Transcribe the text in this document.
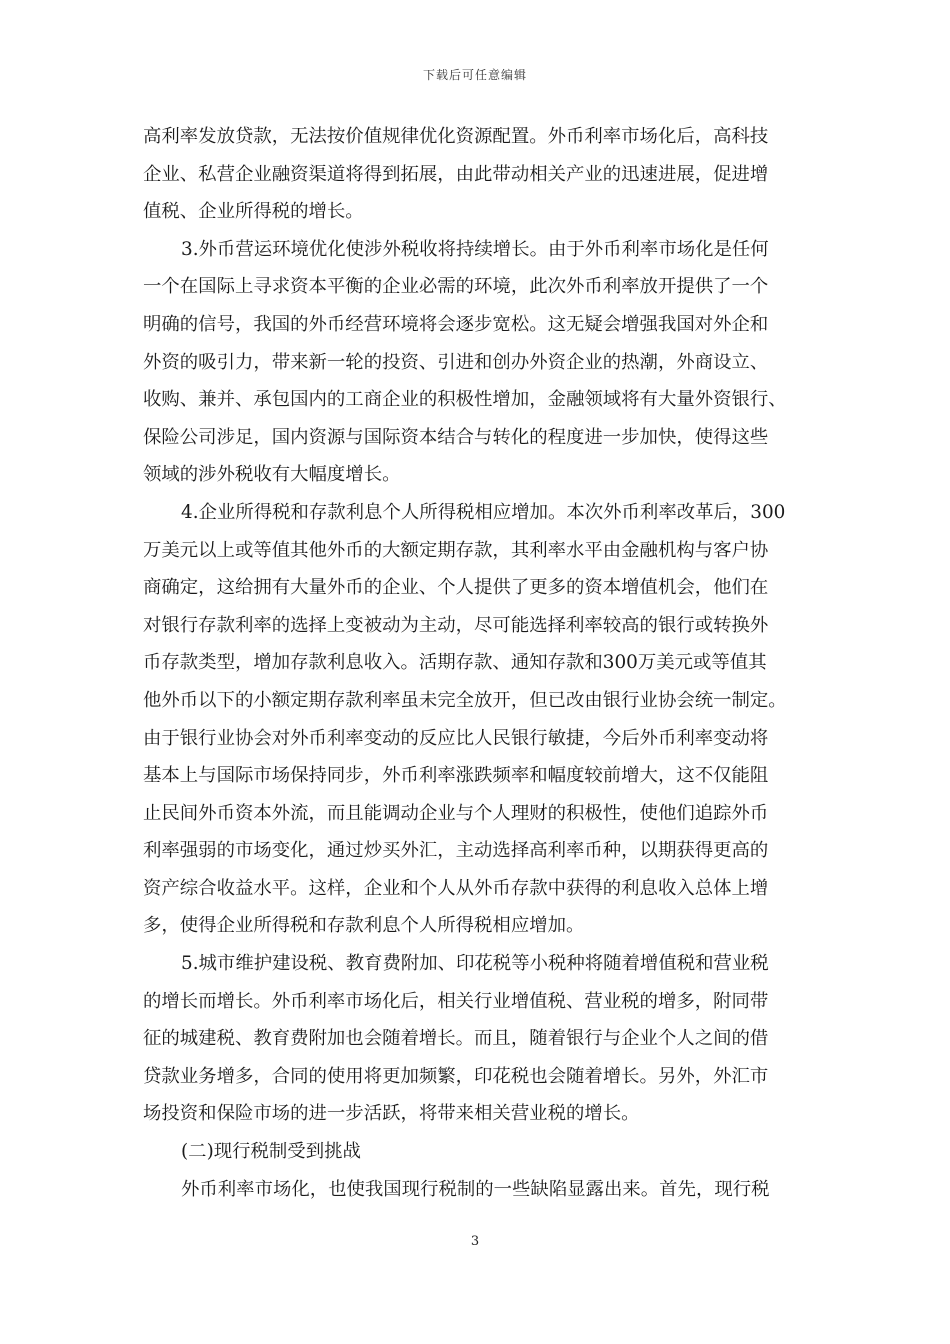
下载后可任意编辑
高利率发放贷款，无法按价值规律优化资源配置。外币利率市场化后，高科技
企业、私营企业融资渠道将得到拓展，由此带动相关产业的迅速进展，促进增
值税、企业所得税的增长。
3.外币营运环境优化使涉外税收将持续增长。由于外币利率市场化是任何
一个在国际上寻求资本平衡的企业必需的环境，此次外币利率放开提供了一个
明确的信号，我国的外币经营环境将会逐步宽松。这无疑会增强我国对外企和
外资的吸引力，带来新一轮的投资、引进和创办外资企业的热潮，外商设立、
收购、兼并、承包国内的工商企业的积极性增加，金融领域将有大量外资银行、
保险公司涉足，国内资源与国际资本结合与转化的程度进一步加快，使得这些
领域的涉外税收有大幅度增长。
4.企业所得税和存款利息个人所得税相应增加。本次外币利率改革后，300
万美元以上或等值其他外币的大额定期存款，其利率水平由金融机构与客户协
商确定，这给拥有大量外币的企业、个人提供了更多的资本增值机会，他们在
对银行存款利率的选择上变被动为主动，尽可能选择利率较高的银行或转换外
币存款类型，增加存款利息收入。活期存款、通知存款和300万美元或等值其
他外币以下的小额定期存款利率虽未完全放开，但已改由银行业协会统一制定。
由于银行业协会对外币利率变动的反应比人民银行敏捷，今后外币利率变动将
基本上与国际市场保持同步，外币利率涨跌频率和幅度较前增大，这不仅能阻
止民间外币资本外流，而且能调动企业与个人理财的积极性，使他们追踪外币
利率强弱的市场变化，通过炒买外汇，主动选择高利率币种，以期获得更高的
资产综合收益水平。这样，企业和个人从外币存款中获得的利息收入总体上增
多，使得企业所得税和存款利息个人所得税相应增加。
5.城市维护建设税、教育费附加、印花税等小税种将随着增值税和营业税
的增长而增长。外币利率市场化后，相关行业增值税、营业税的增多，附同带
征的城建税、教育费附加也会随着增长。而且，随着银行与企业个人之间的借
贷款业务增多，合同的使用将更加频繁，印花税也会随着增长。另外，外汇市
场投资和保险市场的进一步活跃，将带来相关营业税的增长。
(二)现行税制受到挑战
外币利率市场化，也使我国现行税制的一些缺陷显露出来。首先，现行税
3
